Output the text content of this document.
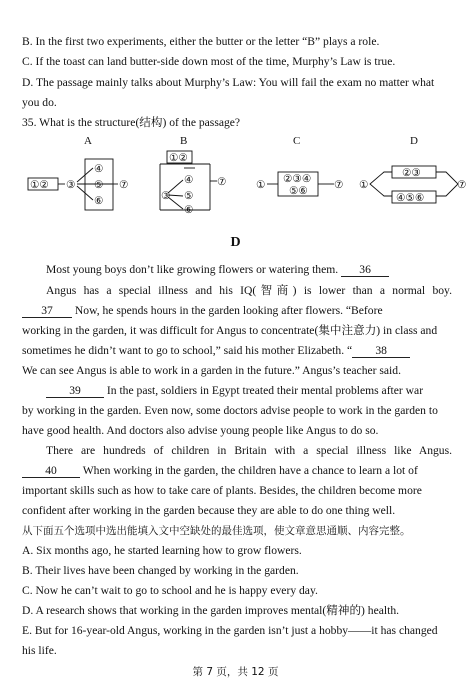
B. In the first two experiments, either the butter or the letter “B” plays a role.
C. If the toast can land butter-side down most of the time, Murphy’s Law is true.
D. The passage mainly talks about Murphy’s Law: You will fail the exam no matter what
you do.
35. What is the structure(结构) of the passage?
A	B	C	D
①② ③
④
⑤
⑥
⑦
①②
④
③ ⑤
⑥
⑦	①
②③④
⑤⑥
⑦ ①
②③
④⑤⑥
⑦
D
Most young boys don’t like growing flowers or watering them. 36
Angus has a special illness and his IQ(智商) is lower than a normal boy.
37 Now, he spends hours in the garden looking after flowers. “Before
working in the garden, it was difficult for Angus to concentrate(集中注意力) in class and
sometimes he didn’t want to go to school,” said his mother Elizabeth. “ 38
We can see Angus is able to work in a garden in the future.” Angus’s teacher said.
39 In the past, soldiers in Egypt treated their mental problems after war
by working in the garden. Even now, some doctors advise people to work in the garden to
have good health. And doctors also advise young people like Angus to do so.
There are hundreds of children in Britain with a special illness like Angus.
40 When working in the garden, the children have a chance to learn a lot of
important skills such as how to take care of plants. Besides, the children become more
confident after working in the garden because they are able to do one thing well.
从下面五个选项中选出能填入文中空缺处的最佳选项，使文章意思通顺、内容完整。
A. Six months ago, he started learning how to grow flowers.
B. Their lives have been changed by working in the garden.
C. Now he can’t wait to go to school and he is happy every day.
D. A research shows that working in the garden improves mental(精神的) health.
E. But for 16-year-old Angus, working in the garden isn’t just a hobby——it has changed
his life.
第 7 页，共 12 页
